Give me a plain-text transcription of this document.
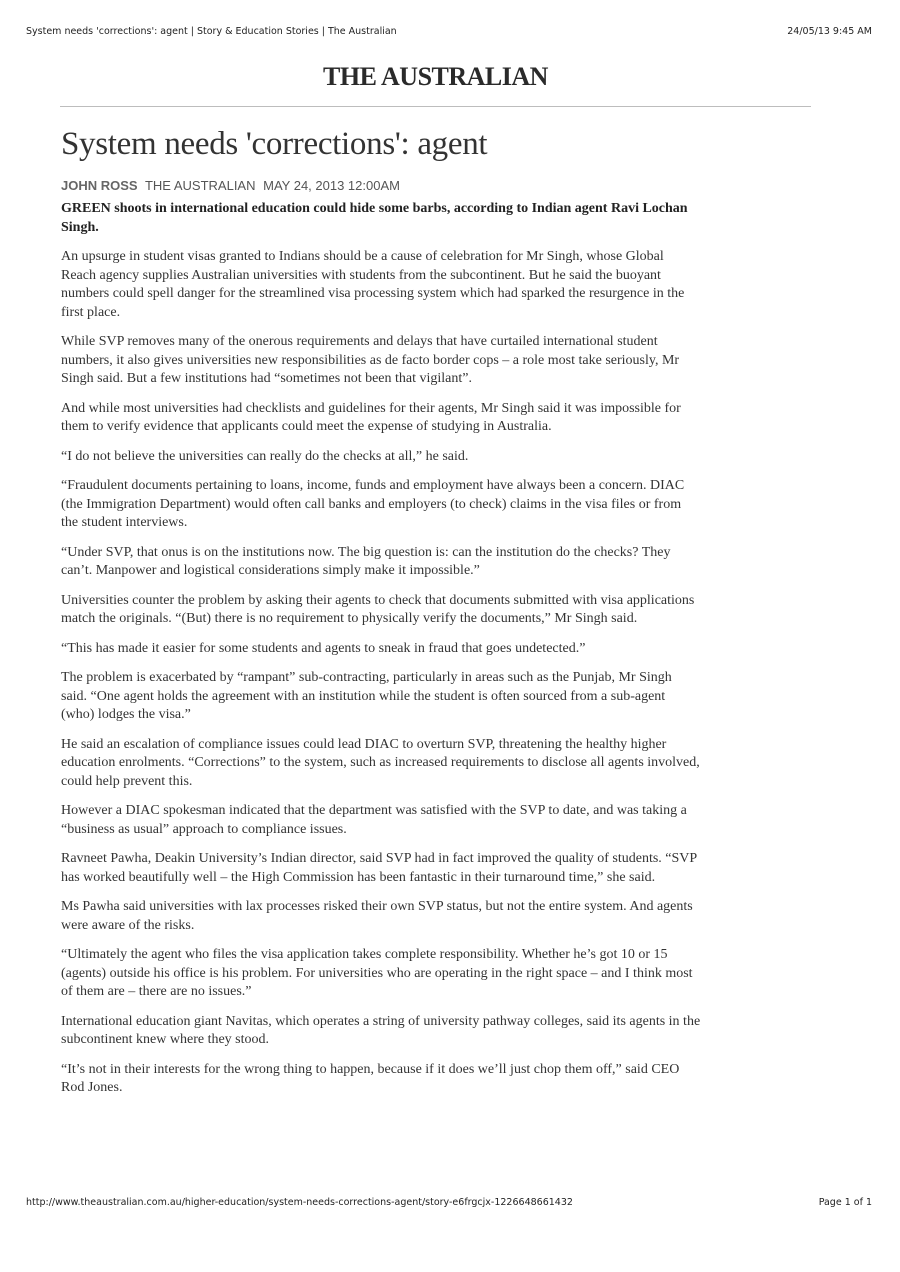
System needs 'corrections': agent | Story & Education Stories | The Australian	24/05/13 9:45 AM
THE AUSTRALIAN
System needs 'corrections': agent
JOHN ROSS THE AUSTRALIAN MAY 24, 2013 12:00AM

GREEN shoots in international education could hide some barbs, according to Indian agent Ravi Lochan Singh.

An upsurge in student visas granted to Indians should be a cause of celebration for Mr Singh, whose Global Reach agency supplies Australian universities with students from the subcontinent. But he said the buoyant numbers could spell danger for the streamlined visa processing system which had sparked the resurgence in the first place.

While SVP removes many of the onerous requirements and delays that have curtailed international student numbers, it also gives universities new responsibilities as de facto border cops – a role most take seriously, Mr Singh said. But a few institutions had “sometimes not been that vigilant”.

And while most universities had checklists and guidelines for their agents, Mr Singh said it was impossible for them to verify evidence that applicants could meet the expense of studying in Australia.

“I do not believe the universities can really do the checks at all,” he said.

“Fraudulent documents pertaining to loans, income, funds and employment have always been a concern. DIAC (the Immigration Department) would often call banks and employers (to check) claims in the visa files or from the student interviews.

“Under SVP, that onus is on the institutions now. The big question is: can the institution do the checks? They can’t. Manpower and logistical considerations simply make it impossible.”

Universities counter the problem by asking their agents to check that documents submitted with visa applications match the originals. “(But) there is no requirement to physically verify the documents,” Mr Singh said.

“This has made it easier for some students and agents to sneak in fraud that goes undetected.”

The problem is exacerbated by “rampant” sub-contracting, particularly in areas such as the Punjab, Mr Singh said. “One agent holds the agreement with an institution while the student is often sourced from a sub-agent (who) lodges the visa.”

He said an escalation of compliance issues could lead DIAC to overturn SVP, threatening the healthy higher education enrolments. “Corrections” to the system, such as increased requirements to disclose all agents involved, could help prevent this.

However a DIAC spokesman indicated that the department was satisfied with the SVP to date, and was taking a “business as usual” approach to compliance issues.

Ravneet Pawha, Deakin University’s Indian director, said SVP had in fact improved the quality of students. “SVP has worked beautifully well – the High Commission has been fantastic in their turnaround time,” she said.

Ms Pawha said universities with lax processes risked their own SVP status, but not the entire system. And agents were aware of the risks.

“Ultimately the agent who files the visa application takes complete responsibility. Whether he’s got 10 or 15 (agents) outside his office is his problem. For universities who are operating in the right space – and I think most of them are – there are no issues.”

International education giant Navitas, which operates a string of university pathway colleges, said its agents in the subcontinent knew where they stood.

“It’s not in their interests for the wrong thing to happen, because if it does we’ll just chop them off,” said CEO Rod Jones.

http://www.theaustralian.com.au/higher-education/system-needs-corrections-agent/story-e6frgcjx-1226648661432	Page 1 of 1
